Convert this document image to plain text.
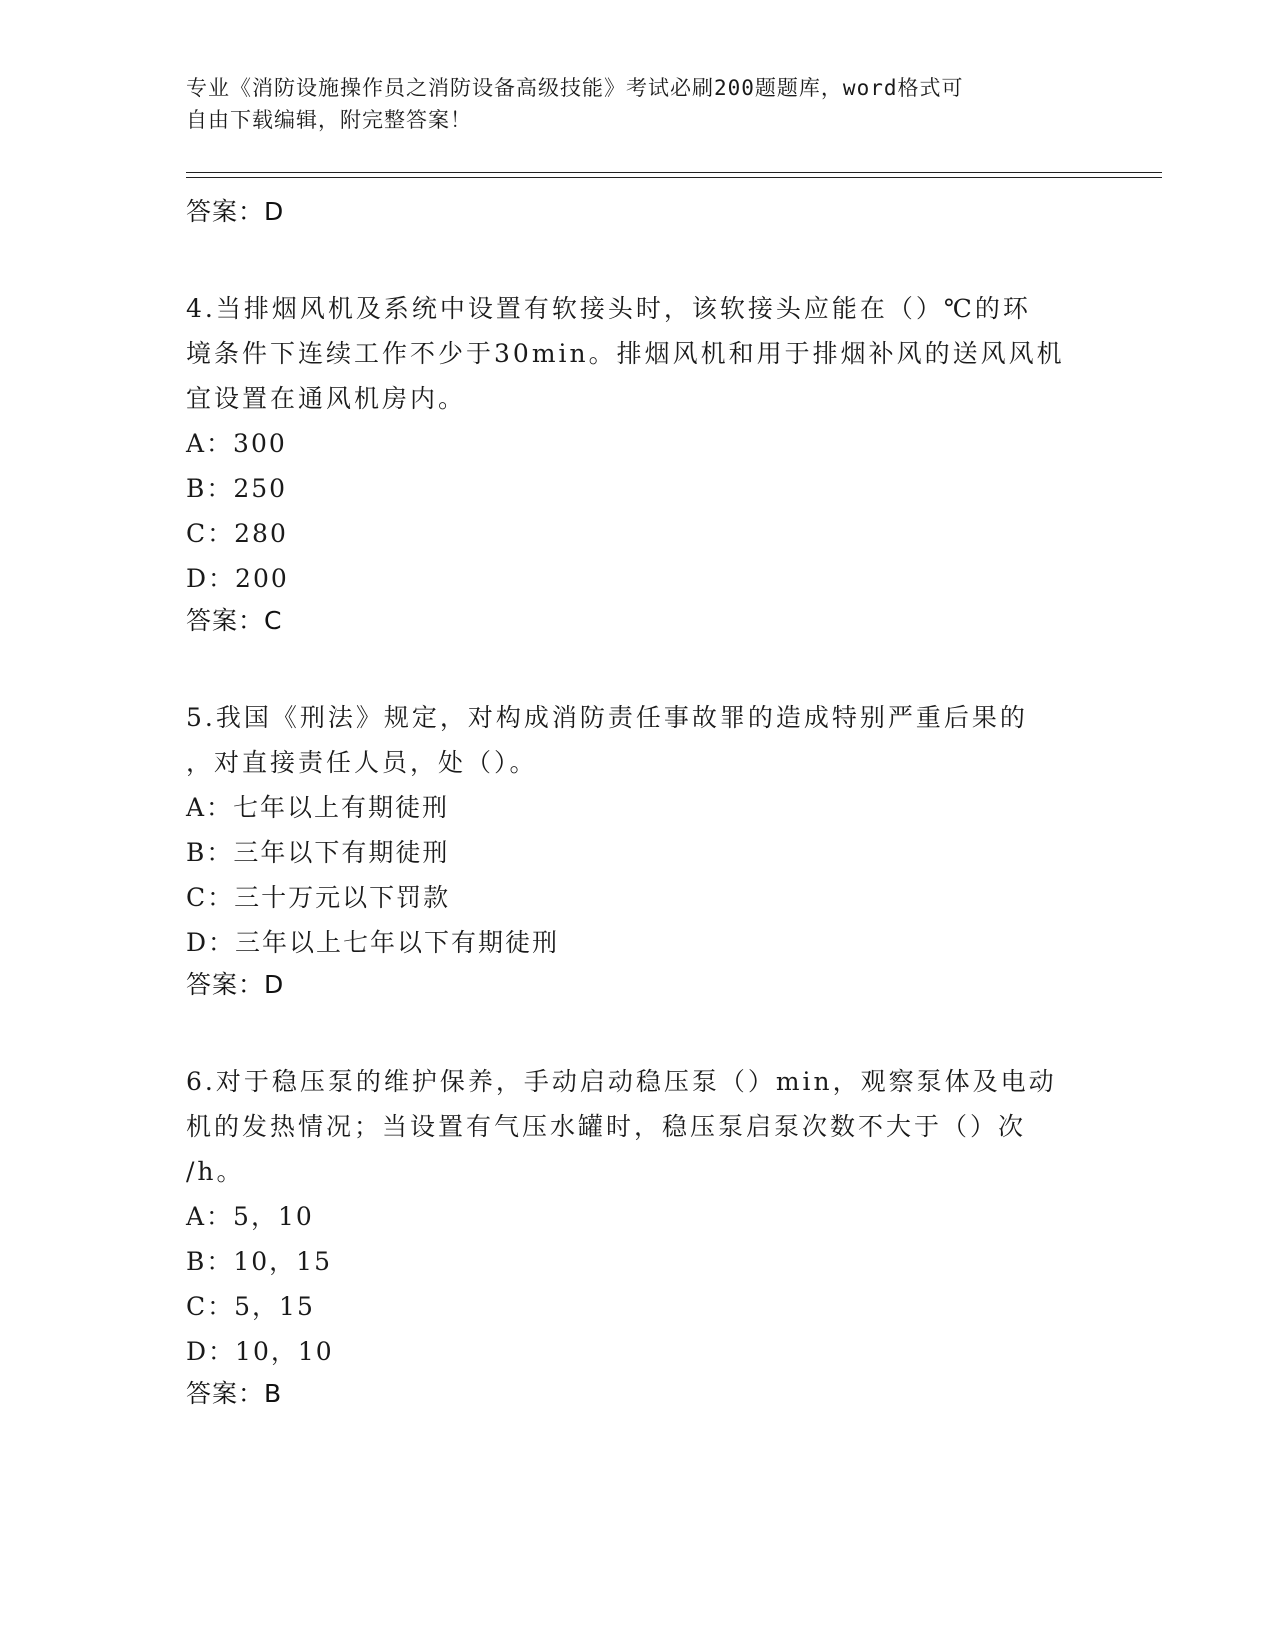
专业《消防设施操作员之消防设备高级技能》考试必刷200题题库，word格式可
自由下载编辑，附完整答案！

答案：D

4.当排烟风机及系统中设置有软接头时，该软接头应能在（）℃的环

境条件下连续工作不少于30min。排烟风机和用于排烟补风的送风风机

宜设置在通风机房内。

A：300

B：250

C：280

D：200

答案：C

5.我国《刑法》规定，对构成消防责任事故罪的造成特别严重后果的

，对直接责任人员，处（）。

A：七年以上有期徒刑

B：三年以下有期徒刑

C：三十万元以下罚款

D：三年以上七年以下有期徒刑

答案：D

6.对于稳压泵的维护保养，手动启动稳压泵（）min，观察泵体及电动

机的发热情况；当设置有气压水罐时，稳压泵启泵次数不大于（）次

/h。

A：5，10

B：10，15

C：5，15

D：10，10

答案：B
